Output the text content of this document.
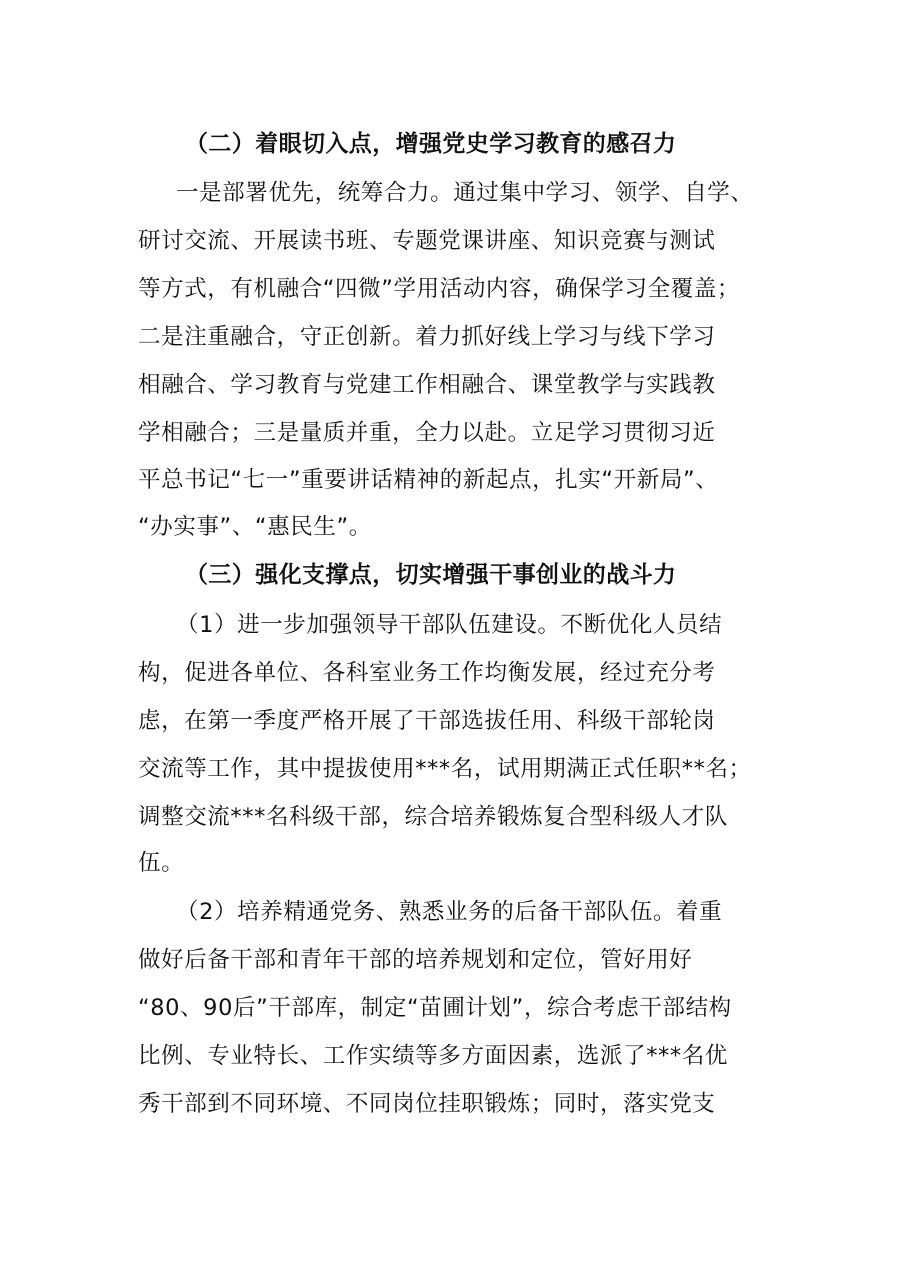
（二）着眼切入点，增强党史学习教育的感召力
一是部署优先，统筹合力。通过集中学习、领学、自学、
研讨交流、开展读书班、专题党课讲座、知识竞赛与测试
等方式，有机融合“四微”学用活动内容，确保学习全覆盖；
二是注重融合，守正创新。着力抓好线上学习与线下学习
相融合、学习教育与党建工作相融合、课堂教学与实践教
学相融合；三是量质并重，全力以赴。立足学习贯彻习近
平总书记“七一”重要讲话精神的新起点，扎实“开新局”、
“办实事”、“惠民生”。
（三）强化支撑点，切实增强干事创业的战斗力
（1）进一步加强领导干部队伍建设。不断优化人员结
构，促进各单位、各科室业务工作均衡发展，经过充分考
虑，在第一季度严格开展了干部选拔任用、科级干部轮岗
交流等工作，其中提拔使用***名，试用期满正式任职**名；
调整交流***名科级干部，综合培养锻炼复合型科级人才队
伍。
（2）培养精通党务、熟悉业务的后备干部队伍。着重
做好后备干部和青年干部的培养规划和定位，管好用好
“80、90后”干部库，制定“苗圃计划”，综合考虑干部结构
比例、专业特长、工作实绩等多方面因素，选派了***名优
秀干部到不同环境、不同岗位挂职锻炼；同时，落实党支
